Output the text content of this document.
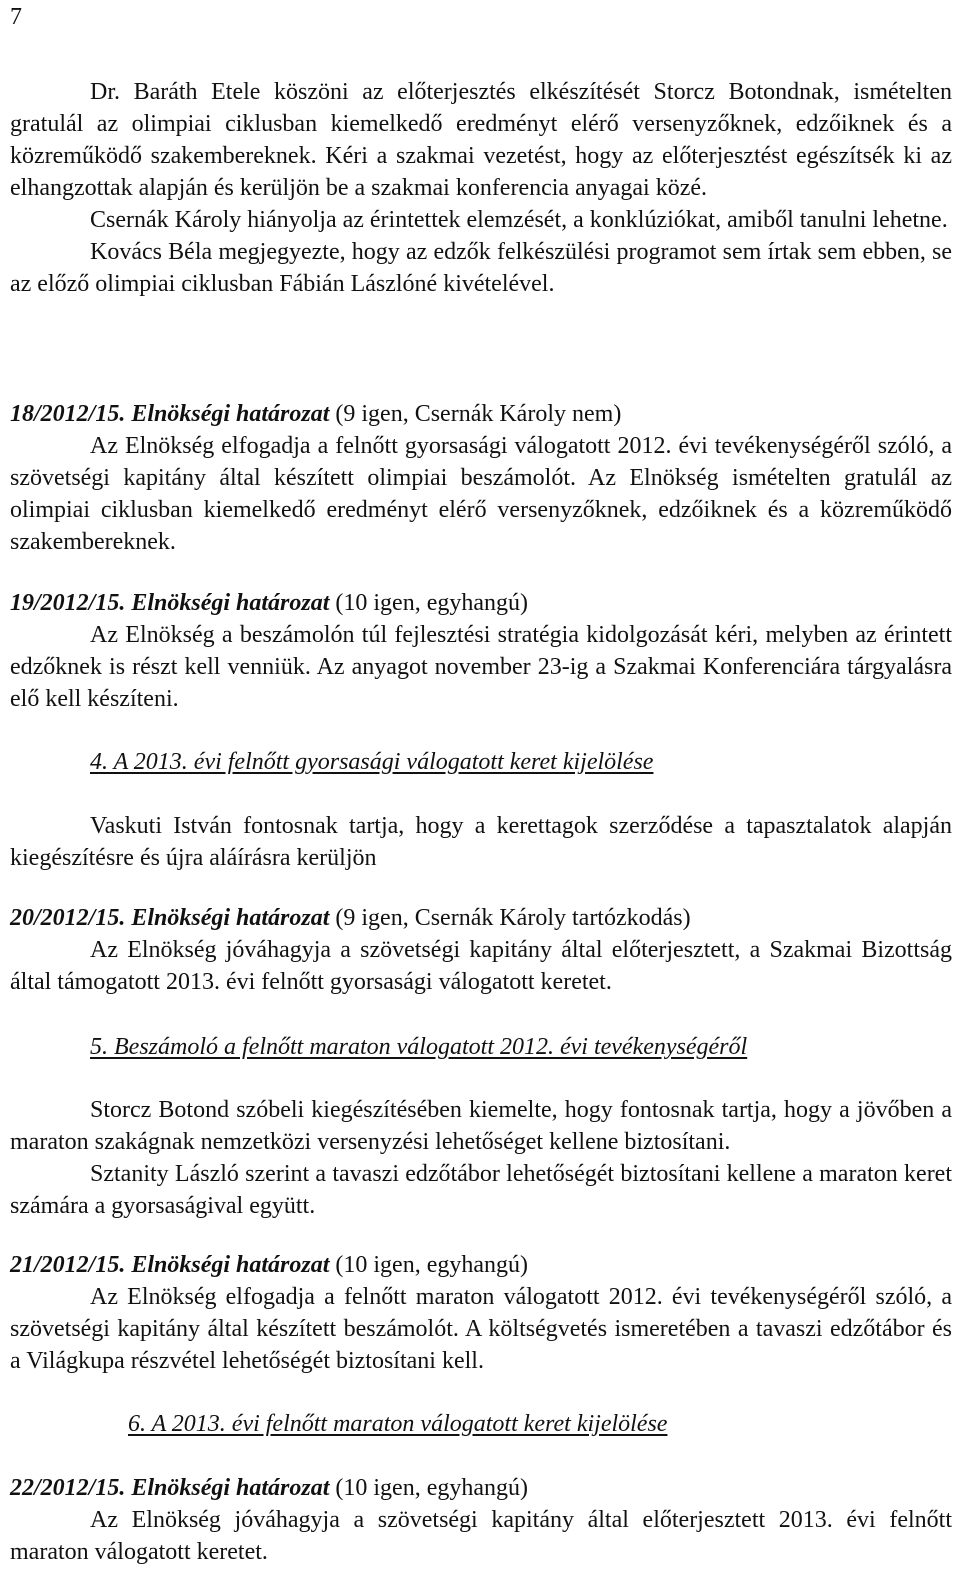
7

Dr. Baráth Etele köszöni az előterjesztés elkészítését Storcz Botondnak, ismételten gratulál az olimpiai ciklusban kiemelkedő eredményt elérő versenyzőknek, edzőiknek és a közreműködő szakembereknek. Kéri a szakmai vezetést, hogy az előterjesztést egészítsék ki az elhangzottak alapján és kerüljön be a szakmai konferencia anyagai közé.

Csernák Károly hiányolja az érintettek elemzését, a konklúziókat, amiből tanulni lehetne.

Kovács Béla megjegyezte, hogy az edzők felkészülési programot sem írtak sem ebben, se az előző olimpiai ciklusban Fábián Lászlóné kivételével.

18/2012/15. Elnökségi határozat (9 igen, Csernák Károly nem)

Az Elnökség elfogadja a felnőtt gyorsasági válogatott 2012. évi tevékenységéről szóló, a szövetségi kapitány által készített olimpiai beszámolót. Az Elnökség ismételten gratulál az olimpiai ciklusban kiemelkedő eredményt elérő versenyzőknek, edzőiknek és a közreműködő szakembereknek.

19/2012/15. Elnökségi határozat (10 igen, egyhangú)

Az Elnökség a beszámolón túl fejlesztési stratégia kidolgozását kéri, melyben az érintett edzőknek is részt kell venniük. Az anyagot november 23-ig a Szakmai Konferenciára tárgyalásra elő kell készíteni.

4. A 2013. évi felnőtt gyorsasági válogatott keret kijelölése

Vaskuti István fontosnak tartja, hogy a kerettagok szerződése a tapasztalatok alapján kiegészítésre és újra aláírásra kerüljön

20/2012/15. Elnökségi határozat (9 igen, Csernák Károly tartózkodás)

Az Elnökség jóváhagyja a szövetségi kapitány által előterjesztett, a Szakmai Bizottság által támogatott 2013. évi felnőtt gyorsasági válogatott keretet.

5. Beszámoló a felnőtt maraton válogatott 2012. évi tevékenységéről

Storcz Botond szóbeli kiegészítésében kiemelte, hogy fontosnak tartja, hogy a jövőben a maraton szakágnak nemzetközi versenyzési lehetőséget kellene biztosítani.

Sztanity László szerint a tavaszi edzőtábor lehetőségét biztosítani kellene a maraton keret számára a gyorsaságival együtt.

21/2012/15. Elnökségi határozat (10 igen, egyhangú)

Az Elnökség elfogadja a felnőtt maraton válogatott 2012. évi tevékenységéről szóló, a szövetségi kapitány által készített beszámolót. A költségvetés ismeretében a tavaszi edzőtábor és a Világkupa részvétel lehetőségét biztosítani kell.

6. A 2013. évi felnőtt maraton válogatott keret kijelölése

22/2012/15. Elnökségi határozat (10 igen, egyhangú)

Az Elnökség jóváhagyja a szövetségi kapitány által előterjesztett 2013. évi felnőtt maraton válogatott keretet.
